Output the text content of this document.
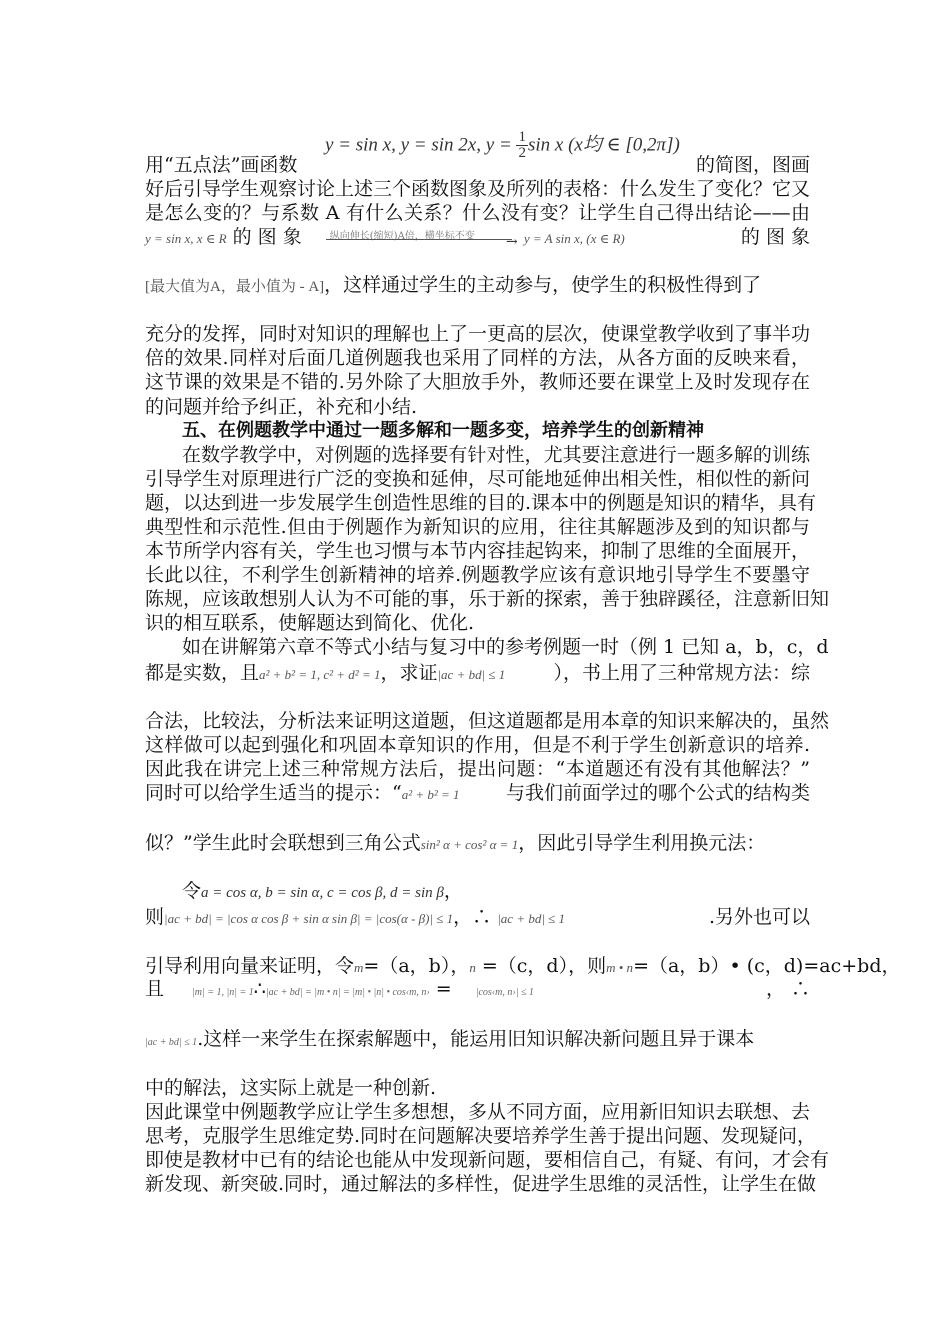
y = sin x, y = sin 2x, $y = \frac{1}{2}$ sin x (x均 ∈ [0,2π])
用“五点法”画函数	的简图，图画
好后引导学生观察讨论上述三个函数图象及所列的表格：什么发生了变化？它又
是怎么变的？与系数 A 有什么关系？什么没有变？让学生自己得出结论——由
y = sin x, x ∈ R 的 图 象	纵向伸长(缩短)A倍，横坐标不变 → y = A sin x, (x ∈ R)	的 图 象
[最大值为A，最小值为 - A]，这样通过学生的主动参与，使学生的积极性得到了
充分的发挥，同时对知识的理解也上了一更高的层次，使课堂教学收到了事半功
倍的效果.同样对后面几道例题我也采用了同样的方法，从各方面的反映来看，
这节课的效果是不错的.另外除了大胆放手外，教师还要在课堂上及时发现存在
的问题并给予纠正，补充和小结.
五、在例题教学中通过一题多解和一题多变，培养学生的创新精神
在数学教学中，对例题的选择要有针对性，尤其要注意进行一题多解的训练
引导学生对原理进行广泛的变换和延伸，尽可能地延伸出相关性，相似性的新问
题，以达到进一步发展学生创造性思维的目的.课本中的例题是知识的精华，具有
典型性和示范性.但由于例题作为新知识的应用，往往其解题涉及到的知识都与
本节所学内容有关，学生也习惯与本节内容挂起钩来，抑制了思维的全面展开，
长此以往，不利学生创新精神的培养.例题教学应该有意识地引导学生不要墨守
陈规，应该敢想别人认为不可能的事，乐于新的探索，善于独辟蹊径，注意新旧知
识的相互联系，使解题达到简化、优化.
如在讲解第六章不等式小结与复习中的参考例题一时（例 1 已知 a，b，c，d
都是实数，且a² + b² = 1, c² + d² = 1，求证|ac + bd| ≤ 1	），书上用了三种常规方法：综
合法，比较法，分析法来证明这道题，但这道题都是用本章的知识来解决的，虽然
这样做可以起到强化和巩固本章知识的作用，但是不利于学生创新意识的培养.
因此我在讲完上述三种常规方法后，提出问题：“本道题还有没有其他解法？”
同时可以给学生适当的提示：“a² + b² = 1 与我们前面学过的哪个公式的结构类
似？”学生此时会联想到三角公式sin² α + cos² α = 1，因此引导学生利用换元法：
令a = cos α, b = sin α, c = cos β, d = sin β，
则|ac + bd| = |cos α cos β + sin α sin β| = |cos(α - β)| ≤ 1，∴ |ac + bd| ≤ 1	.另外也可以
引导利用向量来证明，令m=（a，b），n =（c，d），则m • n=（a，b）• (c，d)=ac+bd，
且	|m| = 1, |n| = 1∴|ac + bd| = |m • n| = |m| • |n| • cos‹m, n› = |cos‹m, n›| ≤ 1	， ∴
|ac + bd| ≤ 1.这样一来学生在探索解题中，能运用旧知识解决新问题且异于课本
中的解法，这实际上就是一种创新.
因此课堂中例题教学应让学生多想想，多从不同方面，应用新旧知识去联想、去
思考，克服学生思维定势.同时在问题解决要培养学生善于提出问题、发现疑问，
即使是教材中已有的结论也能从中发现新问题，要相信自己，有疑、有问，才会有
新发现、新突破.同时，通过解法的多样性，促进学生思维的灵活性，让学生在做
